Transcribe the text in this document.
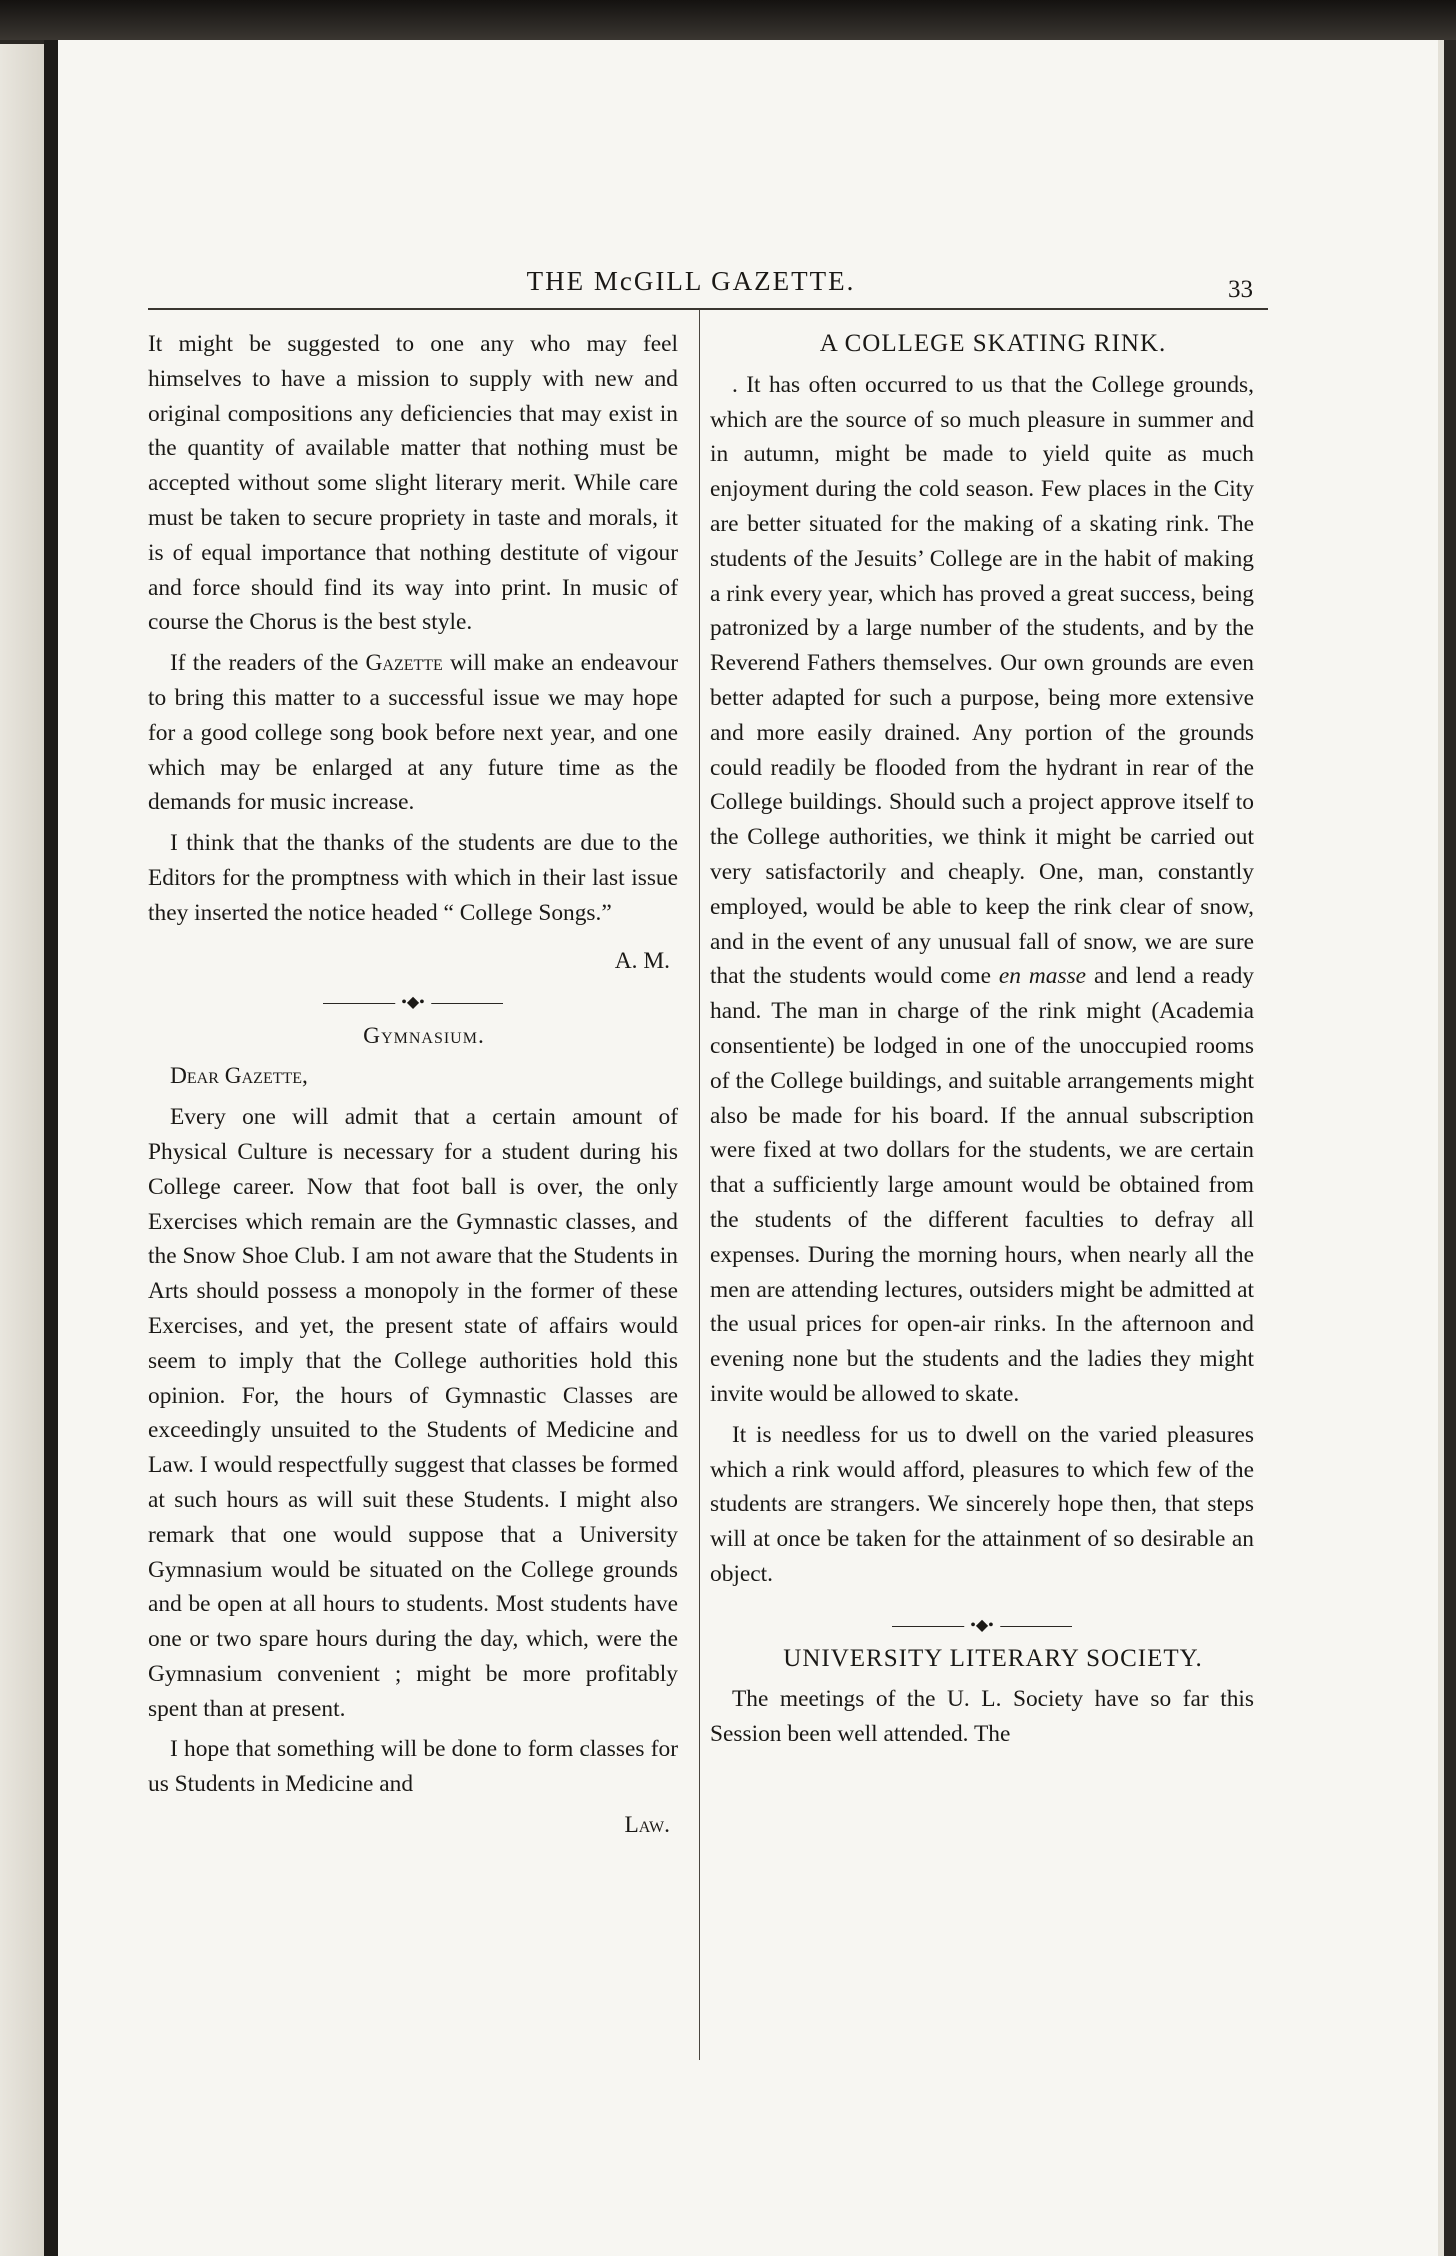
THE McGILL GAZETTE.	33

It might be suggested to one any who may feel himselves to have a mission to supply with new and original compositions any deficiencies that may exist in the quantity of available matter that nothing must be accepted without some slight literary merit. While care must be taken to secure propriety in taste and morals, it is of equal importance that nothing destitute of vigour and force should find its way into print. In music of course the Chorus is the best style.

If the readers of the Gazette will make an endeavour to bring this matter to a successful issue we may hope for a good college song book before next year, and one which may be enlarged at any future time as the demands for music increase.

I think that the thanks of the students are due to the Editors for the promptness with which in their last issue they inserted the notice headed “ College Songs.”

A. M.
•◆•

Gymnasium.

Dear Gazette,

Every one will admit that a certain amount of Physical Culture is necessary for a student during his College career. Now that foot ball is over, the only Exercises which remain are the Gymnastic classes, and the Snow Shoe Club. I am not aware that the Students in Arts should possess a monopoly in the former of these Exercises, and yet, the present state of affairs would seem to imply that the College authorities hold this opinion. For, the hours of Gymnastic Classes are exceedingly unsuited to the Students of Medicine and Law. I would respectfully suggest that classes be formed at such hours as will suit these Students. I might also remark that one would suppose that a University Gymnasium would be situated on the College grounds and be open at all hours to students. Most students have one or two spare hours during the day, which, were the Gymnasium convenient ; might be more profitably spent than at present.

I hope that something will be done to form classes for us Students in Medicine and

Law.

A COLLEGE SKATING RINK.

. It has often occurred to us that the College grounds, which are the source of so much pleasure in summer and in autumn, might be made to yield quite as much enjoyment during the cold season. Few places in the City are better situated for the making of a skating rink. The students of the Jesuits’ College are in the habit of making a rink every year, which has proved a great success, being patronized by a large number of the students, and by the Reverend Fathers themselves. Our own grounds are even better adapted for such a purpose, being more extensive and more easily drained. Any portion of the grounds could readily be flooded from the hydrant in rear of the College buildings. Should such a project approve itself to the College authorities, we think it might be carried out very satisfactorily and cheaply. One, man, constantly employed, would be able to keep the rink clear of snow, and in the event of any unusual fall of snow, we are sure that the students would come en masse and lend a ready hand. The man in charge of the rink might (Academia consentiente) be lodged in one of the unoccupied rooms of the College buildings, and suitable arrangements might also be made for his board. If the annual subscription were fixed at two dollars for the students, we are certain that a sufficiently large amount would be obtained from the students of the different faculties to defray all expenses. During the morning hours, when nearly all the men are attending lectures, outsiders might be admitted at the usual prices for open-air rinks. In the afternoon and evening none but the students and the ladies they might invite would be allowed to skate.

It is needless for us to dwell on the varied pleasures which a rink would afford, pleasures to which few of the students are strangers. We sincerely hope then, that steps will at once be taken for the attainment of so desirable an object.

•◆•

UNIVERSITY LITERARY SOCIETY.

The meetings of the U. L. Society have so far this Session been well attended. The
